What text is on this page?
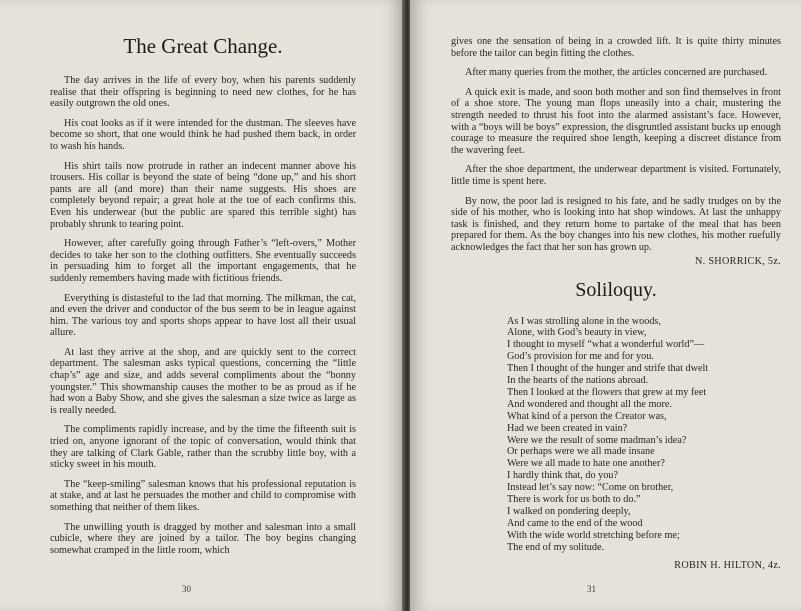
The Great Change.

The day arrives in the life of every boy, when his parents suddenly realise that their offspring is beginning to need new clothes, for he has easily outgrown the old ones.

His coat looks as if it were intended for the dustman. The sleeves have become so short, that one would think he had pushed them back, in order to wash his hands.

His shirt tails now protrude in rather an indecent manner above his trousers. His collar is beyond the state of being “done up,” and his short pants are all (and more) than their name suggests. His shoes are completely beyond repair; a great hole at the toe of each confirms this. Even his underwear (but the public are spared this terrible sight) has probably shrunk to tearing point.

However, after carefully going through Father’s “left-overs,” Mother decides to take her son to the clothing outfitters. She eventually succeeds in persuading him to forget all the important engagements, that he suddenly remembers having made with fictitious friends.

Everything is distasteful to the lad that morning. The milkman, the cat, and even the driver and conductor of the bus seem to be in league against him. The various toy and sports shops appear to have lost all their usual allure.

At last they arrive at the shop, and are quickly sent to the correct department. The salesman asks typical questions, concerning the “little chap’s” age and size, and adds several compliments about the “bonny youngster.” This showmanship causes the mother to be as proud as if he had won a Baby Show, and she gives the salesman a size twice as large as is really needed.

The compliments rapidly increase, and by the time the fifteenth suit is tried on, anyone ignorant of the topic of conversation, would think that they are talking of Clark Gable, rather than the scrubby little boy, with a sticky sweet in his mouth.

The “keep-smiling” salesman knows that his professional reputation is at stake, and at last he persuades the mother and child to compromise with something that neither of them likes.

The unwilling youth is dragged by mother and salesman into a small cubicle, where they are joined by a tailor. The boy begins changing somewhat cramped in the little room, which

30

gives one the sensation of being in a crowded lift. It is quite thirty minutes before the tailor can begin fitting the clothes.

After many queries from the mother, the articles concerned are purchased.

A quick exit is made, and soon both mother and son find themselves in front of a shoe store. The young man flops uneasily into a chair, mustering the strength needed to thrust his foot into the alarmed assistant’s face. However, with a “boys will be boys” expression, the disgruntled assistant bucks up enough courage to measure the required shoe length, keeping a discreet distance from the wavering feet.

After the shoe department, the underwear department is visited. Fortunately, little time is spent here.

By now, the poor lad is resigned to his fate, and he sadly trudges on by the side of his mother, who is looking into hat shop windows. At last the unhappy task is finished, and they return home to partake of the meal that has been prepared for them. As the boy changes into his new clothes, his mother ruefully acknowledges the fact that her son has grown up.

N. SHORRICK, 5z.
Soliloquy.
As I was strolling alone in the woods,
Alone, with God’s beauty in view,
I thought to myself “what a wonderful world”—
God’s provision for me and for you.
Then I thought of the hunger and strife that dwelt
In the hearts of the nations abroad.
Then I looked at the flowers that grew at my feet
And wondered and thought all the more.
What kind of a person the Creator was,
Had we been created in vain?
Were we the result of some madman’s idea?
Or perhaps were we all made insane
Were we all made to hate one another?
I hardly think that, do you?
Instead let’s say now: “Come on brother,
There is work for us both to do.”
I walked on pondering deeply,
And came to the end of the wood
With the wide world stretching before me;
The end of my solitude.
ROBIN H. HILTON, 4z.
31
